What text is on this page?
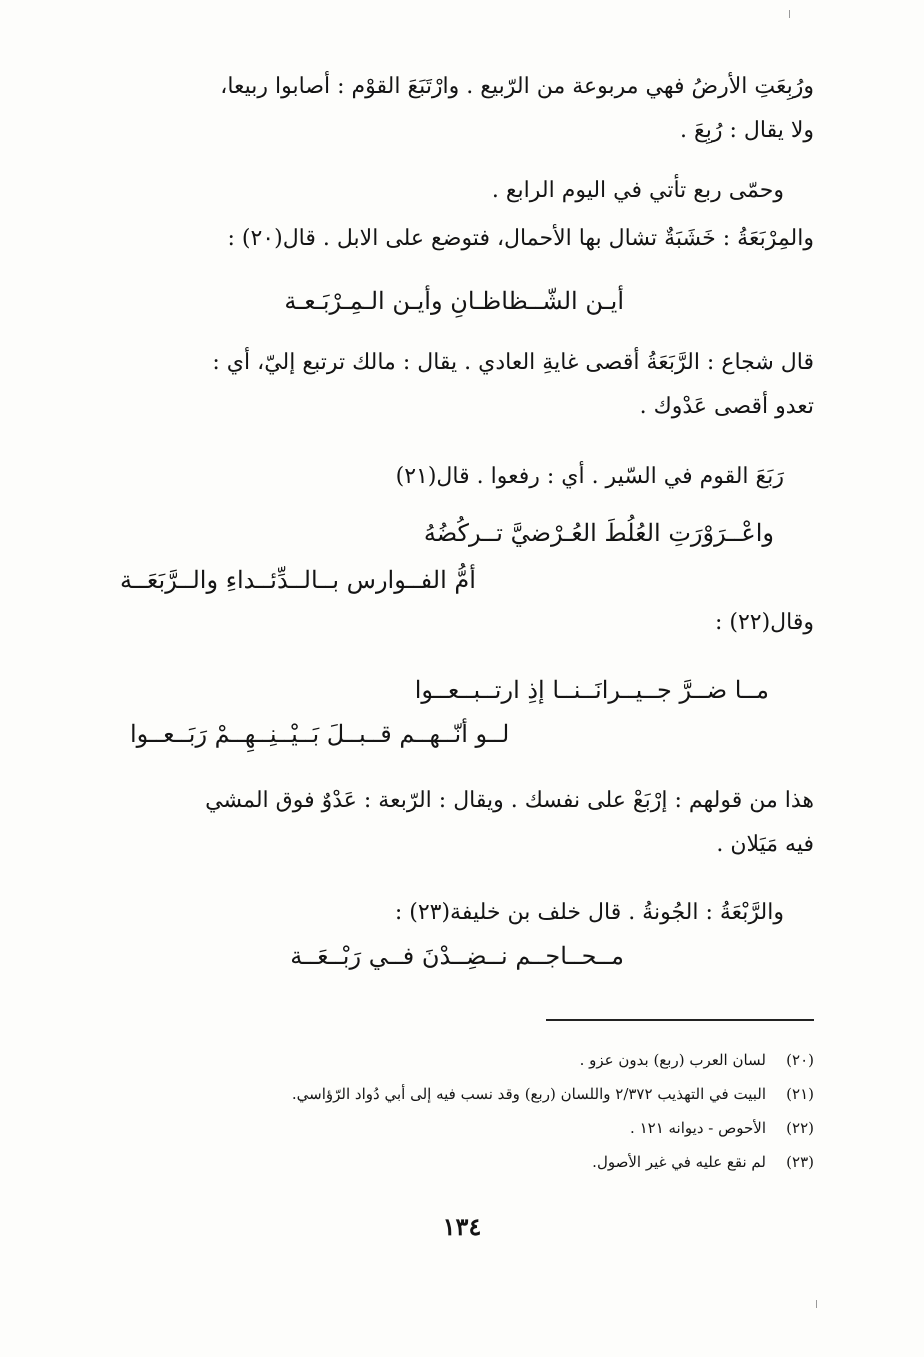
ورُبِعَتِ الأرضُ فهي مربوعة من الرّبيع . وارْتَبَعَ القوْم : أصابوا ربيعا،
ولا يقال : رُبِعَ .
وحمّى ربع تأتي في اليوم الرابع .
والمِرْبَعَةُ : خَشَبَةٌ تشال بها الأحمال، فتوضع على الابل . قال(٢٠) :
أيـن الشّــظاظـانِ وأيـن الـمِـرْبَـعـة
قال شجاع : الرَّبَعَةُ أقصى غايةِ العادي . يقال : مالك ترتبع إليّ، أي :
تعدو أقصى عَدْوك .
رَبَعَ القوم في السّير . أي : رفعوا . قال(٢١)
واعْــرَوْرَتِ العُلُطَ العُـرْضيَّ تــركُضُهُ
أمُّ الفــوارس بــالــدِّئــداءِ والــرَّبَعَــة
وقال(٢٢) :
مــا ضــرَّ جــيــرانَــنــا إذِ ارتــبــعــوا
لــو أنّــهــم قــبــلَ بَــيْــنِــهِــمْ رَبَــعــوا
هذا من قولهم : إرْبَعْ على نفسك . ويقال : الرّبعة : عَدْوٌ فوق المشي
فيه مَيَلان .
والرَّبْعَةُ : الجُونةُ . قال خلف بن خليفة(٢٣) :
مــحــاجــم نــضِــدْنَ فــي رَبْــعَــة
(٢٠)لسان العرب (ربع) بدون عزو .
(٢١)البيت في التهذيب ٢/٣٧٢ واللسان (ربع) وقد نسب فيه إلى أبي دُواد الرّؤاسي.
(٢٢)الأحوص - ديوانه ١٢١ .
(٢٣)لم نقع عليه في غير الأصول.
١٣٤
